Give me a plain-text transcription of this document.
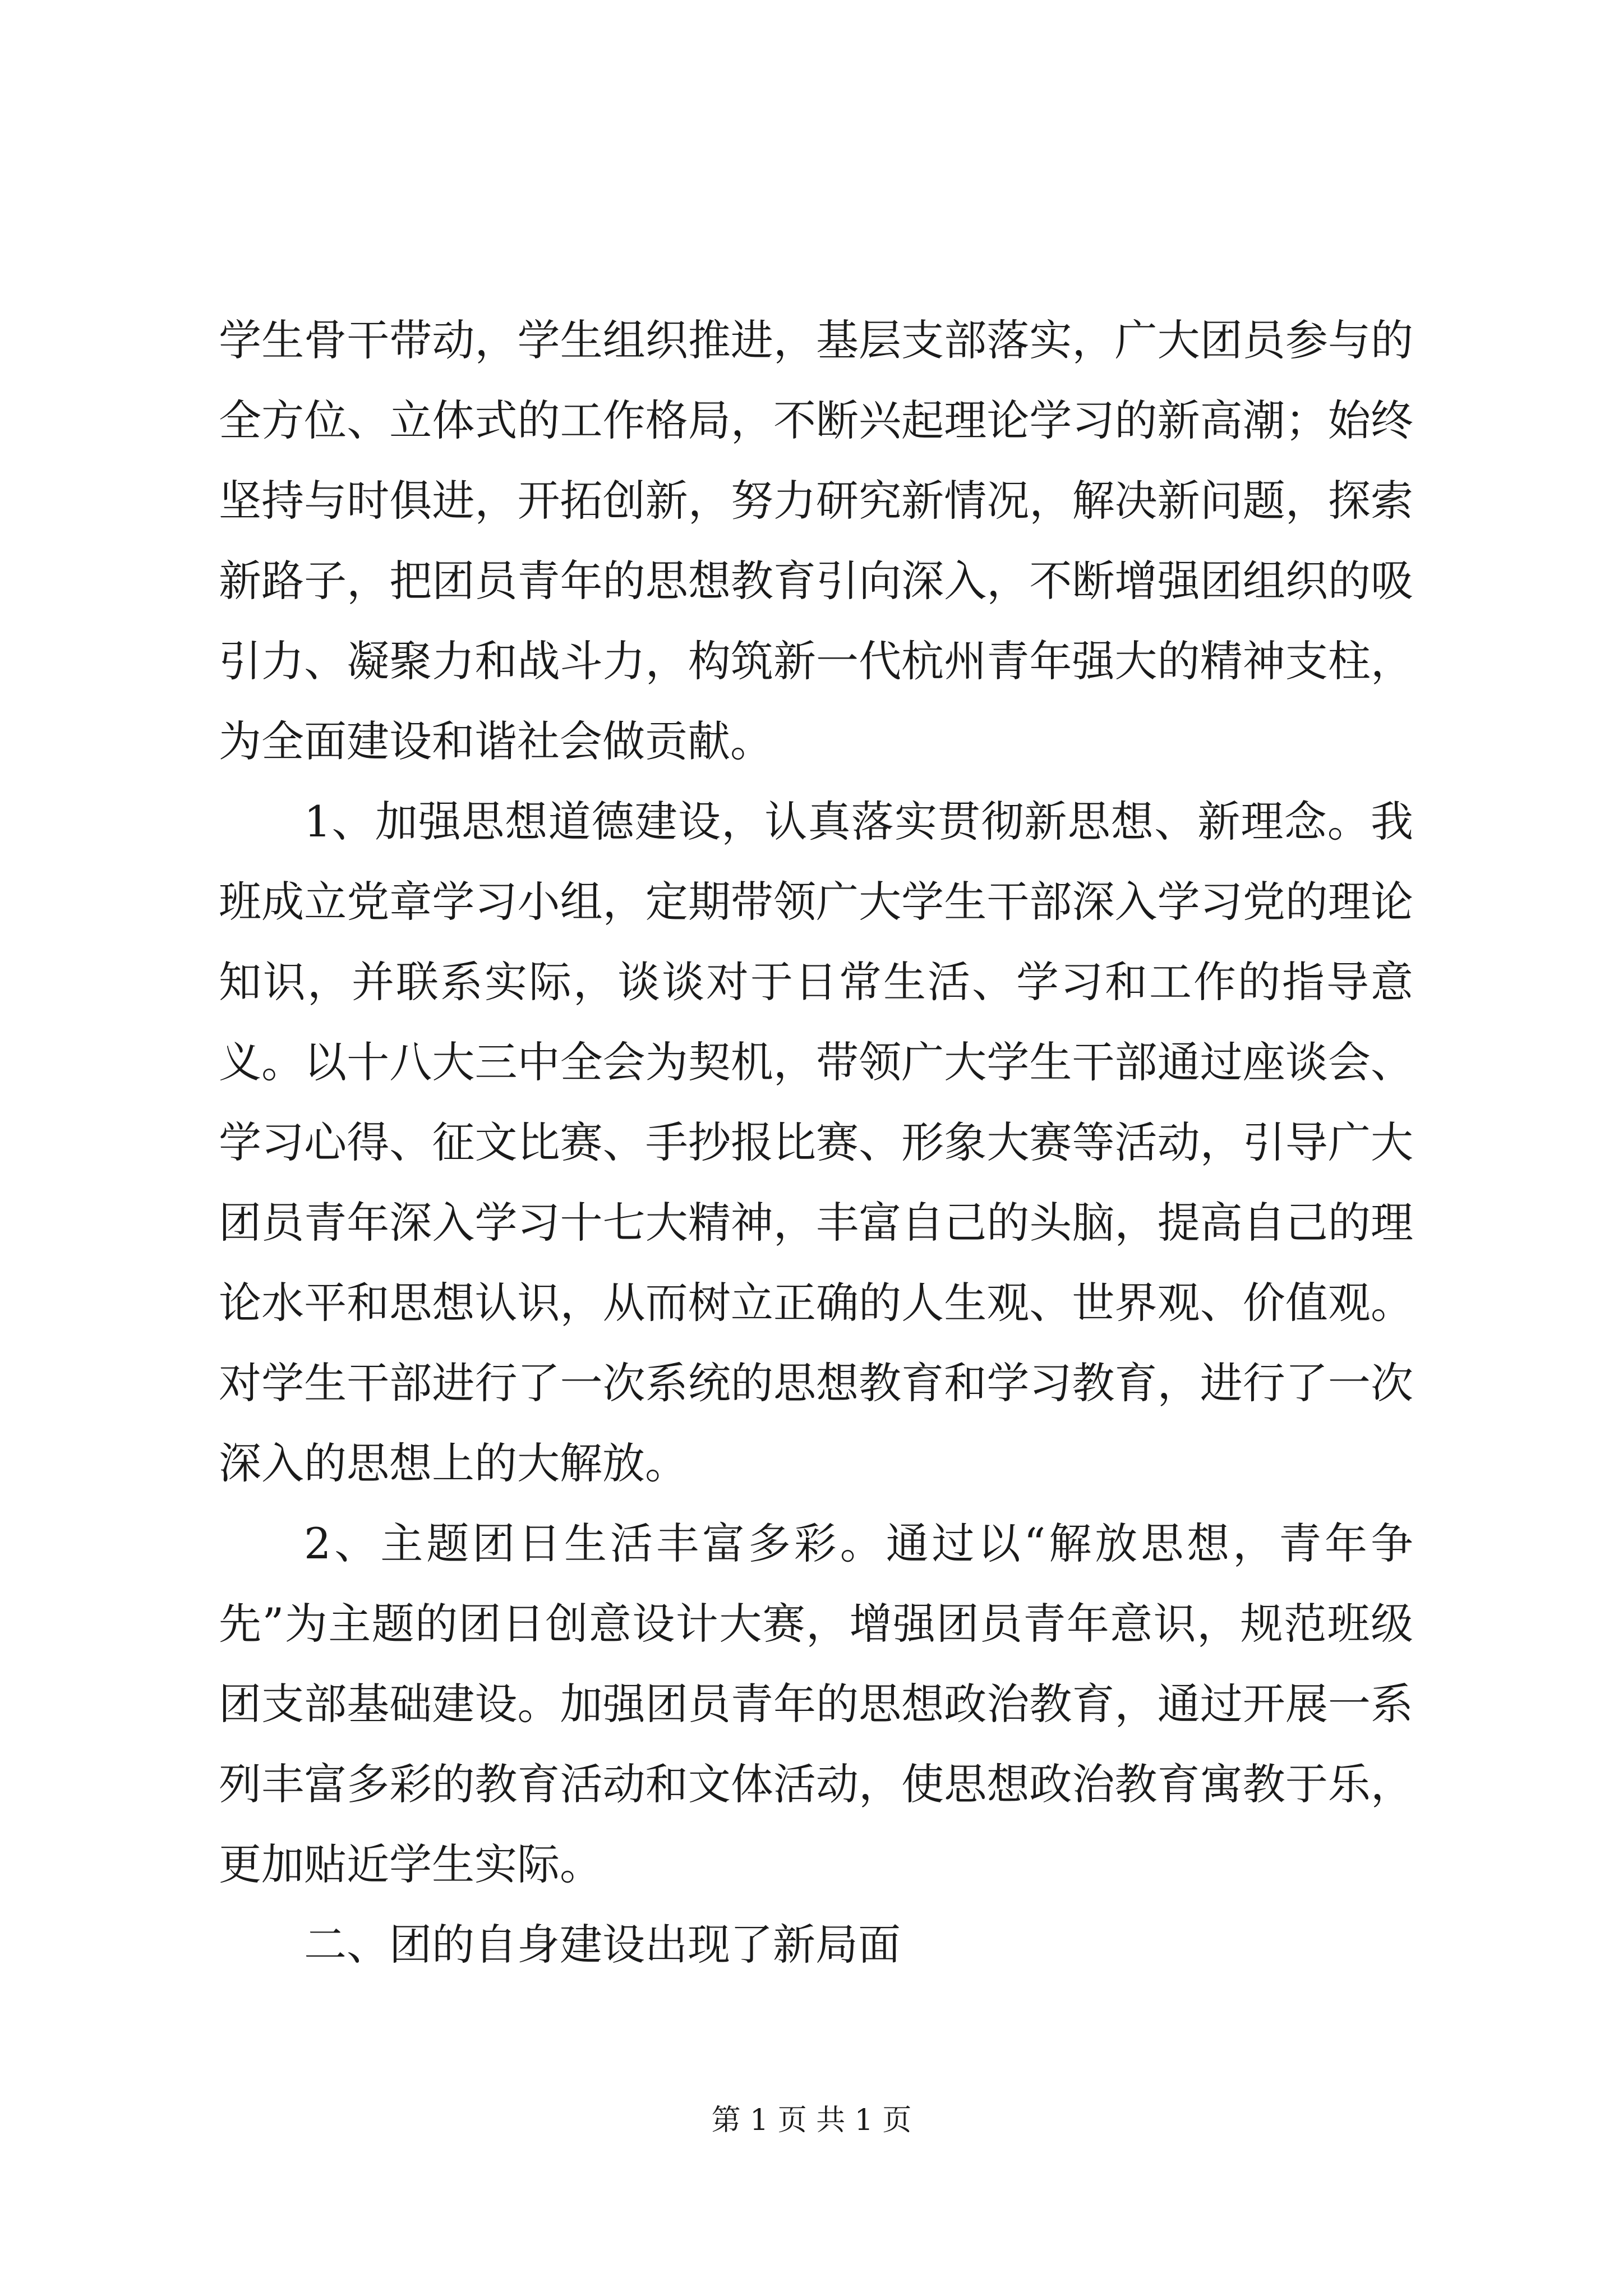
学生骨干带动，学生组织推进，基层支部落实，广大团员参与的全方位、立体式的工作格局，不断兴起理论学习的新高潮；始终坚持与时俱进，开拓创新，努力研究新情况，解决新问题，探索新路子，把团员青年的思想教育引向深入，不断增强团组织的吸引力、凝聚力和战斗力，构筑新一代杭州青年强大的精神支柱，为全面建设和谐社会做贡献。

1、加强思想道德建设，认真落实贯彻新思想、新理念。我班成立党章学习小组，定期带领广大学生干部深入学习党的理论知识，并联系实际，谈谈对于日常生活、学习和工作的指导意义。以十八大三中全会为契机，带领广大学生干部通过座谈会、学习心得、征文比赛、手抄报比赛、形象大赛等活动，引导广大团员青年深入学习十七大精神，丰富自己的头脑，提高自己的理论水平和思想认识，从而树立正确的人生观、世界观、价值观。对学生干部进行了一次系统的思想教育和学习教育，进行了一次深入的思想上的大解放。

2、主题团日生活丰富多彩。通过以“解放思想，青年争先”为主题的团日创意设计大赛，增强团员青年意识，规范班级团支部基础建设。加强团员青年的思想政治教育，通过开展一系列丰富多彩的教育活动和文体活动，使思想政治教育寓教于乐，更加贴近学生实际。

二、团的自身建设出现了新局面

第 1 页 共 1 页
